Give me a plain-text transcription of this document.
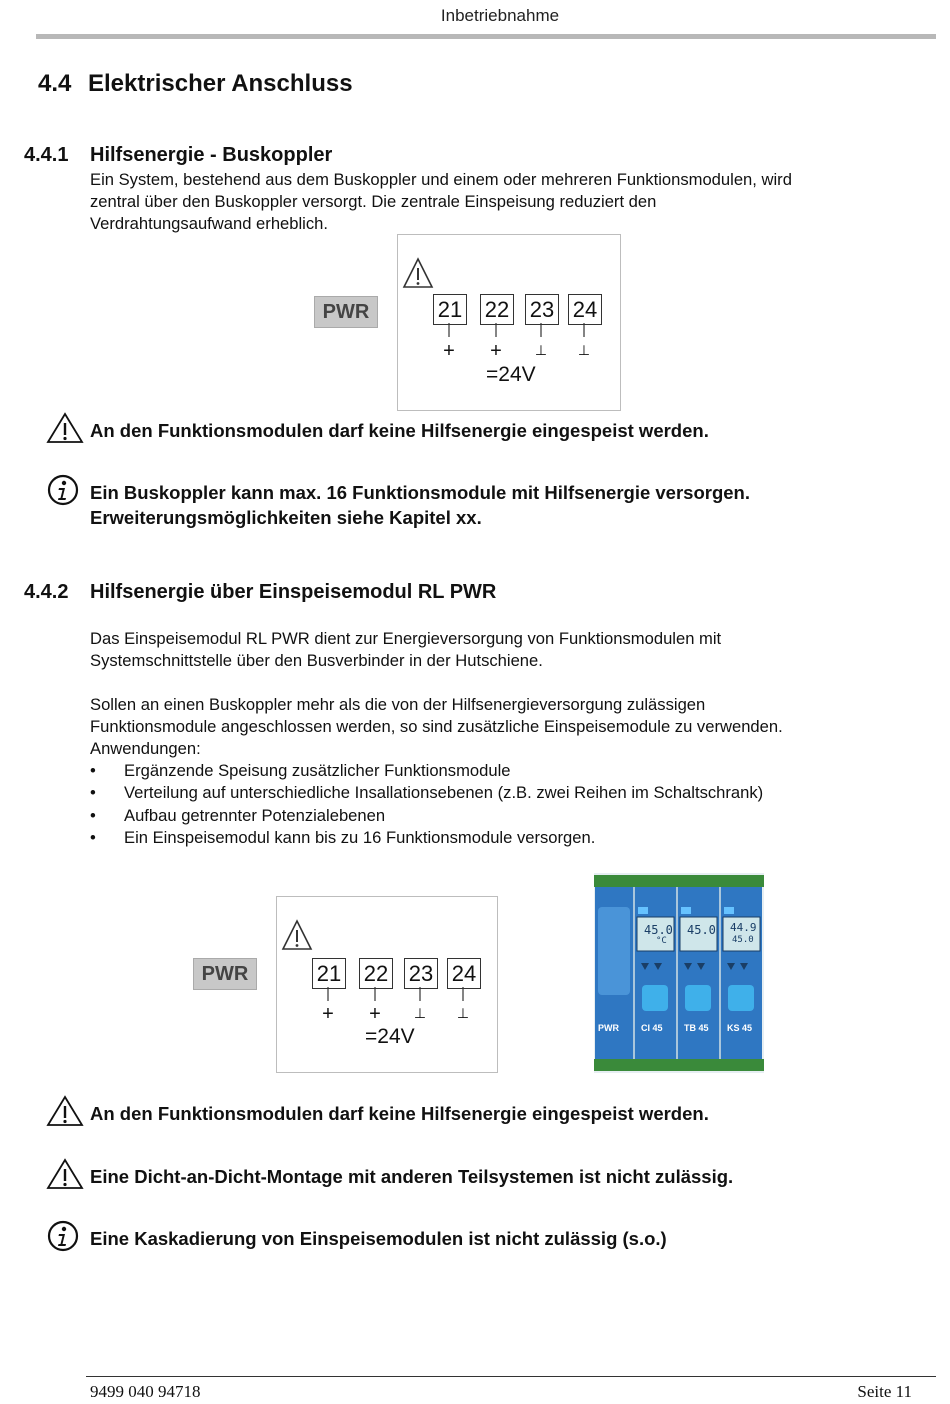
Inbetriebnahme
4.4 Elektrischer Anschluss
4.4.1 Hilfsenergie - Buskoppler

Ein System, bestehend aus dem Buskoppler und einem oder mehreren Funktionsmodulen, wird

zentral über den Buskoppler versorgt. Die zentrale Einspeisung reduziert den

Verdrahtungsaufwand erheblich.

PWR	21 22 23 24
+ + ⊥ ⊥
=24V
An den Funktionsmodulen darf keine Hilfsenergie eingespeist werden.
Ein Buskoppler kann max. 16 Funktionsmodule mit Hilfsenergie versorgen.
Erweiterungsmöglichkeiten siehe Kapitel xx.
4.4.2 Hilfsenergie über Einspeisemodul RL PWR

Das Einspeisemodul RL PWR dient zur Energieversorgung von Funktionsmodulen mit

Systemschnittstelle über den Busverbinder in der Hutschiene.

Sollen an einen Buskoppler mehr als die von der Hilfsenergieversorgung zulässigen

Funktionsmodule angeschlossen werden, so sind zusätzliche Einspeisemodule zu verwenden.

Anwendungen:

• Ergänzende Speisung zusätzlicher Funktionsmodule
• Verteilung auf unterschiedliche Insallationsebenen (z.B. zwei Reihen im Schaltschrank)
• Aufbau getrennter Potenzialebenen
• Ein Einspeisemodul kann bis zu 16 Funktionsmodule versorgen.
PWR	21 22 23 24
+ + ⊥ ⊥
=24V
45.0
°C
45.0 44.9
45.0
PWR CI 45 TB 45 KS 45
An den Funktionsmodulen darf keine Hilfsenergie eingespeist werden.
Eine Dicht-an-Dicht-Montage mit anderen Teilsystemen ist nicht zulässig.
Eine Kaskadierung von Einspeisemodulen ist nicht zulässig (s.o.)
9499 040 94718	Seite 11
